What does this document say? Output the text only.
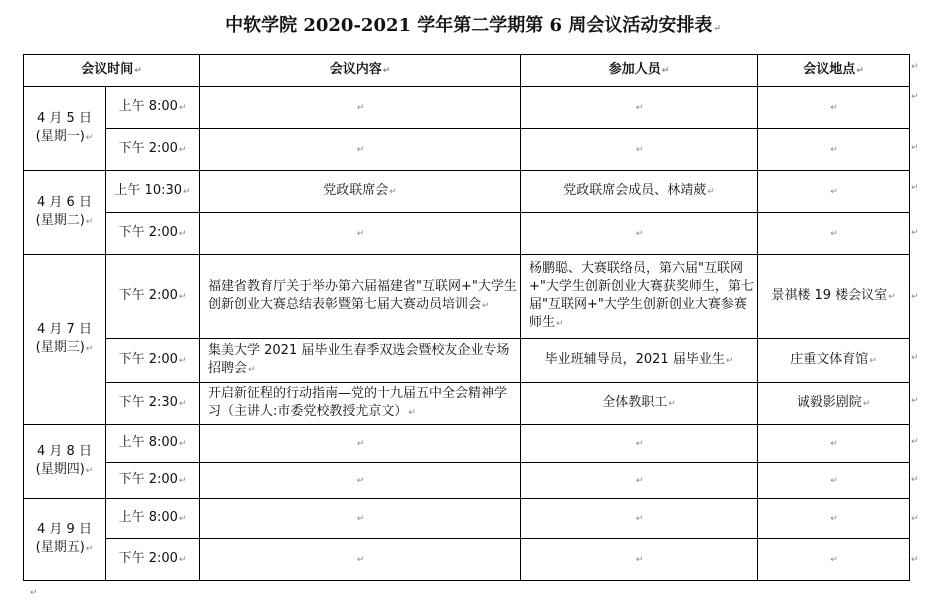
中软学院 2020-2021 学年第二学期第 6 周会议活动安排表↵
会议时间↵		会议内容↵	参加人员↵	会议地点↵
4 月 5 日
(星期一)↵	上午 8:00↵	↵	↵	↵
	下午 2:00↵	↵	↵	↵
4 月 6 日
(星期二)↵	上午 10:30↵	党政联席会↵	党政联席会成员、林靖葳↵	↵
	下午 2:00↵	↵	↵	↵
4 月 7 日
(星期三)↵	下午 2:00↵	福建省教育厅关于举办第六届福建省"互联网+"大学生创新创业大赛总结表彰暨第七届大赛动员培训会↵	杨鹏聪、大赛联络员，第六届"互联网+"大学生创新创业大赛获奖师生，第七届"互联网+"大学生创新创业大赛参赛师生↵	景祺楼 19 楼会议室↵
	下午 2:00↵	集美大学 2021 届毕业生春季双选会暨校友企业专场招聘会↵	毕业班辅导员，2021 届毕业生↵	庄重文体育馆↵
	下午 2:30↵	开启新征程的行动指南—党的十九届五中全会精神学习（主讲人:市委党校教授尤京文）↵	全体教职工↵	诚毅影剧院↵
4 月 8 日
(星期四)↵	上午 8:00↵	↵	↵	↵
	下午 2:00↵	↵	↵	↵
4 月 9 日
(星期五)↵	上午 8:00↵	↵	↵	↵
	下午 2:00↵	↵	↵	↵
↵
↵
↵
↵
↵
↵
↵
↵
↵
↵
↵
↵
↵
